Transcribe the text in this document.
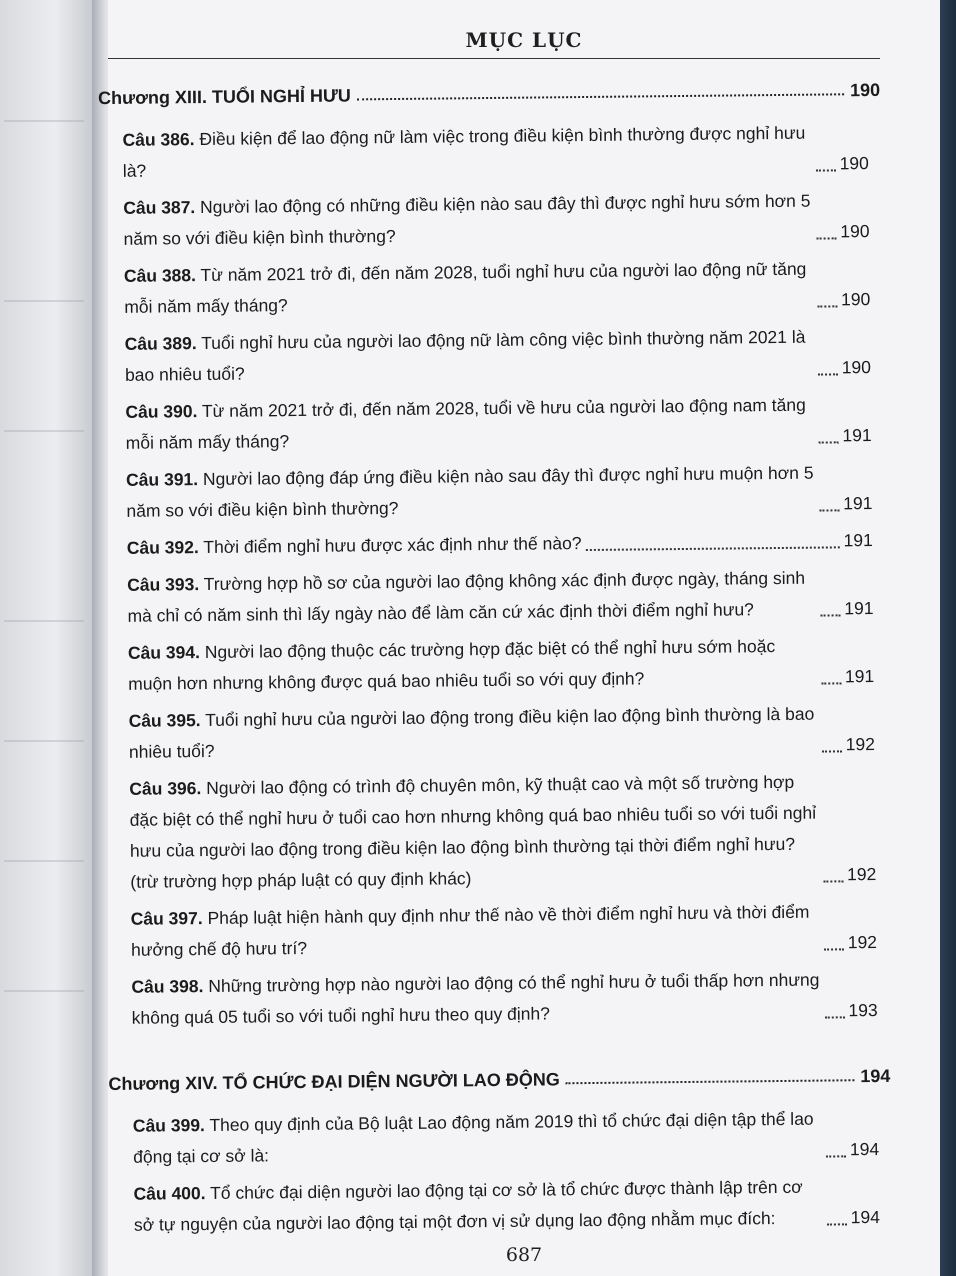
MỤC LỤC
Chương XIII. TUỔI NGHỈ HƯU	190
Câu 386. Điều kiện để lao động nữ làm việc trong điều kiện bình thường được nghỉ hưu là?	190
Câu 387. Người lao động có những điều kiện nào sau đây thì được nghỉ hưu sớm hơn 5 năm so với điều kiện bình thường?	190
Câu 388. Từ năm 2021 trở đi, đến năm 2028, tuổi nghỉ hưu của người lao động nữ tăng mỗi năm mấy tháng?	190
Câu 389. Tuổi nghỉ hưu của người lao động nữ làm công việc bình thường năm 2021 là bao nhiêu tuổi?	190
Câu 390. Từ năm 2021 trở đi, đến năm 2028, tuổi về hưu của người lao động nam tăng mỗi năm mấy tháng?	191
Câu 391. Người lao động đáp ứng điều kiện nào sau đây thì được nghỉ hưu muộn hơn 5 năm so với điều kiện bình thường?	191
Câu 392. Thời điểm nghỉ hưu được xác định như thế nào?	191
Câu 393. Trường hợp hồ sơ của người lao động không xác định được ngày, tháng sinh mà chỉ có năm sinh thì lấy ngày nào để làm căn cứ xác định thời điểm nghỉ hưu?	191
Câu 394. Người lao động thuộc các trường hợp đặc biệt có thể nghỉ hưu sớm hoặc muộn hơn nhưng không được quá bao nhiêu tuổi so với quy định?	191
Câu 395. Tuổi nghỉ hưu của người lao động trong điều kiện lao động bình thường là bao nhiêu tuổi?	192
Câu 396. Người lao động có trình độ chuyên môn, kỹ thuật cao và một số trường hợp đặc biệt có thể nghỉ hưu ở tuổi cao hơn nhưng không quá bao nhiêu tuổi so với tuổi nghỉ hưu của người lao động trong điều kiện lao động bình thường tại thời điểm nghỉ hưu? (trừ trường hợp pháp luật có quy định khác)	192
Câu 397. Pháp luật hiện hành quy định như thế nào về thời điểm nghỉ hưu và thời điểm hưởng chế độ hưu trí?	192
Câu 398. Những trường hợp nào người lao động có thể nghỉ hưu ở tuổi thấp hơn nhưng không quá 05 tuổi so với tuổi nghỉ hưu theo quy định?	193
Chương XIV. TỔ CHỨC ĐẠI DIỆN NGƯỜI LAO ĐỘNG	194
Câu 399. Theo quy định của Bộ luật Lao động năm 2019 thì tổ chức đại diện tập thể lao động tại cơ sở là:	194
Câu 400. Tổ chức đại diện người lao động tại cơ sở là tổ chức được thành lập trên cơ sở tự nguyện của người lao động tại một đơn vị sử dụng lao động nhằm mục đích:	194
687
